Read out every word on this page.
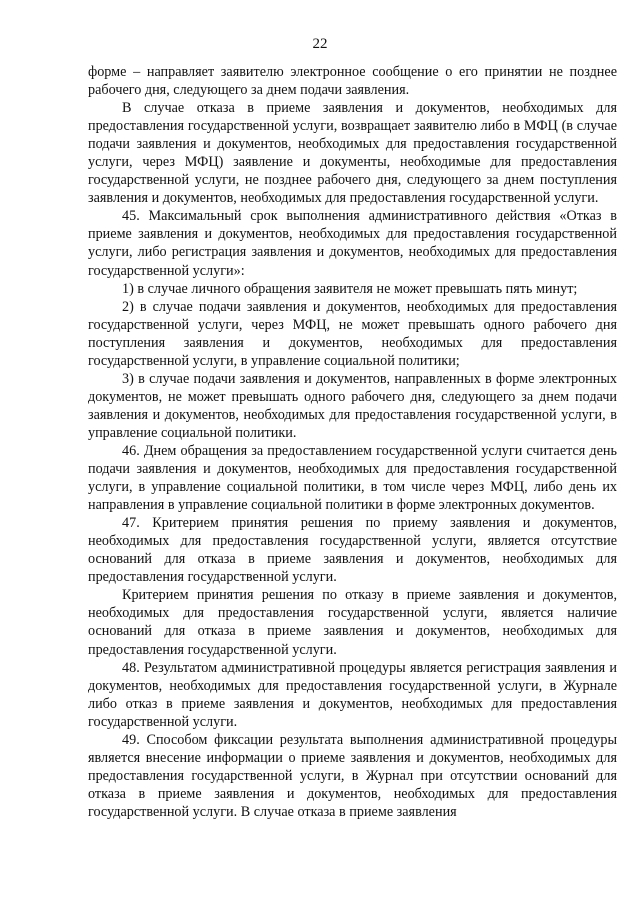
22

форме – направляет заявителю электронное сообщение о его принятии не позднее рабочего дня, следующего за днем подачи заявления.

В случае отказа в приеме заявления и документов, необходимых для предоставления государственной услуги, возвращает заявителю либо в МФЦ (в случае подачи заявления и документов, необходимых для предоставления государственной услуги, через МФЦ) заявление и документы, необходимые для предоставления государственной услуги, не позднее рабочего дня, следующего за днем поступления заявления и документов, необходимых для предоставления государственной услуги.

45. Максимальный срок выполнения административного действия «Отказ в приеме заявления и документов, необходимых для предоставления государственной услуги, либо регистрация заявления и документов, необходимых для предоставления государственной услуги»:

1) в случае личного обращения заявителя не может превышать пять минут;

2) в случае подачи заявления и документов, необходимых для предоставления государственной услуги, через МФЦ, не может превышать одного рабочего дня поступления заявления и документов, необходимых для предоставления государственной услуги, в управление социальной политики;

3) в случае подачи заявления и документов, направленных в форме электронных документов, не может превышать одного рабочего дня, следующего за днем подачи заявления и документов, необходимых для предоставления государственной услуги, в управление социальной политики.

46. Днем обращения за предоставлением государственной услуги считается день подачи заявления и документов, необходимых для предоставления государственной услуги, в управление социальной политики, в том числе через МФЦ, либо день их направления в управление социальной политики в форме электронных документов.

47. Критерием принятия решения по приему заявления и документов, необходимых для предоставления государственной услуги, является отсутствие оснований для отказа в приеме заявления и документов, необходимых для предоставления государственной услуги.

Критерием принятия решения по отказу в приеме заявления и документов, необходимых для предоставления государственной услуги, является наличие оснований для отказа в приеме заявления и документов, необходимых для предоставления государственной услуги.

48. Результатом административной процедуры является регистрация заявления и документов, необходимых для предоставления государственной услуги, в Журнале либо отказ в приеме заявления и документов, необходимых для предоставления государственной услуги.

49. Способом фиксации результата выполнения административной процедуры является внесение информации о приеме заявления и документов, необходимых для предоставления государственной услуги, в Журнал при отсутствии оснований для отказа в приеме заявления и документов, необходимых для предоставления государственной услуги. В случае отказа в приеме заявления
